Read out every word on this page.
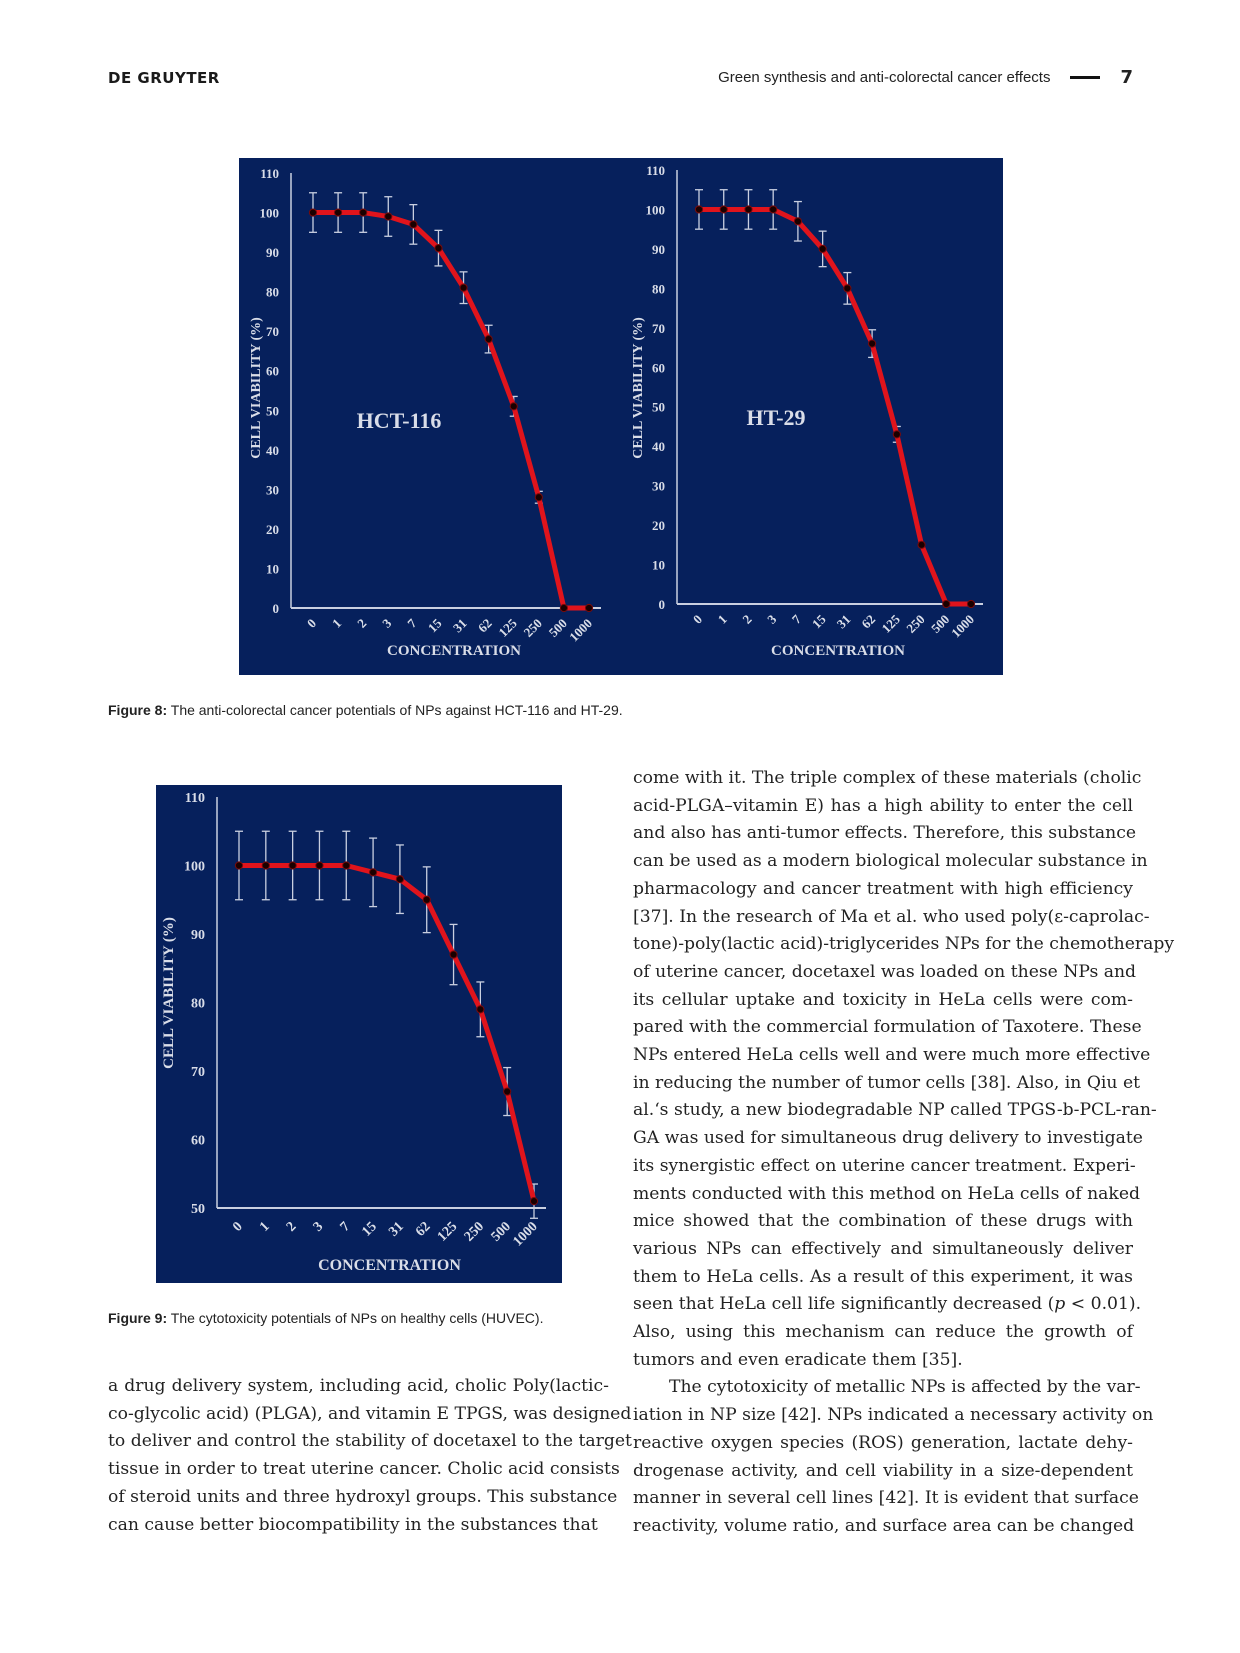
DE GRUYTER	Green synthesis and anti-colorectal cancer effects	7
0
10
20
30
40
50
60
70
80
90
100
110
0 1 2 3 7 15 31 62 125 250 500
1000
CELL VIABILITY (%)
CONCENTRATION
HCT-116
0
10
20
30
40
50
60
70
80
90
100
110
0 1 2 3 7 15 31 62 125 250 500
1000
CELL VIABILITY (%)
CONCENTRATION
HT-29
Figure 8: The anti-colorectal cancer potentials of NPs against HCT-116 and HT-29.
50
60
70
80
90
100
110
0 1 2 3 7 15 31 62 125 250 500
1000
CELL VIABILITY (%)
CONCENTRATION
Figure 9: The cytotoxicity potentials of NPs on healthy cells (HUVEC).
come with it. The triple complex of these materials (cholic
acid-PLGA–vitamin E) has a high ability to enter the cell
and also has anti-tumor effects. Therefore, this substance
can be used as a modern biological molecular substance in
pharmacology and cancer treatment with high efficiency
[37]. In the research of Ma et al. who used poly(ε-caprolac-
tone)-poly(lactic acid)-triglycerides NPs for the chemotherapy
of uterine cancer, docetaxel was loaded on these NPs and
its cellular uptake and toxicity in HeLa cells were com-
pared with the commercial formulation of Taxotere. These
NPs entered HeLa cells well and were much more effective
in reducing the number of tumor cells [38]. Also, in Qiu et
al.‘s study, a new biodegradable NP called TPGS-b-PCL-ran-
GA was used for simultaneous drug delivery to investigate
its synergistic effect on uterine cancer treatment. Experi-
ments conducted with this method on HeLa cells of naked
mice showed that the combination of these drugs with
various NPs can effectively and simultaneously deliver
them to HeLa cells. As a result of this experiment, it was
seen that HeLa cell life significantly decreased (p < 0.01).
Also, using this mechanism can reduce the growth of
tumors and even eradicate them [35].
The cytotoxicity of metallic NPs is affected by the var-
iation in NP size [42]. NPs indicated a necessary activity on
reactive oxygen species (ROS) generation, lactate dehy-
drogenase activity, and cell viability in a size-dependent
manner in several cell lines [42]. It is evident that surface
reactivity, volume ratio, and surface area can be changed
a drug delivery system, including acid, cholic Poly(lactic-
co-glycolic acid) (PLGA), and vitamin E TPGS, was designed
to deliver and control the stability of docetaxel to the target
tissue in order to treat uterine cancer. Cholic acid consists
of steroid units and three hydroxyl groups. This substance
can cause better biocompatibility in the substances that
